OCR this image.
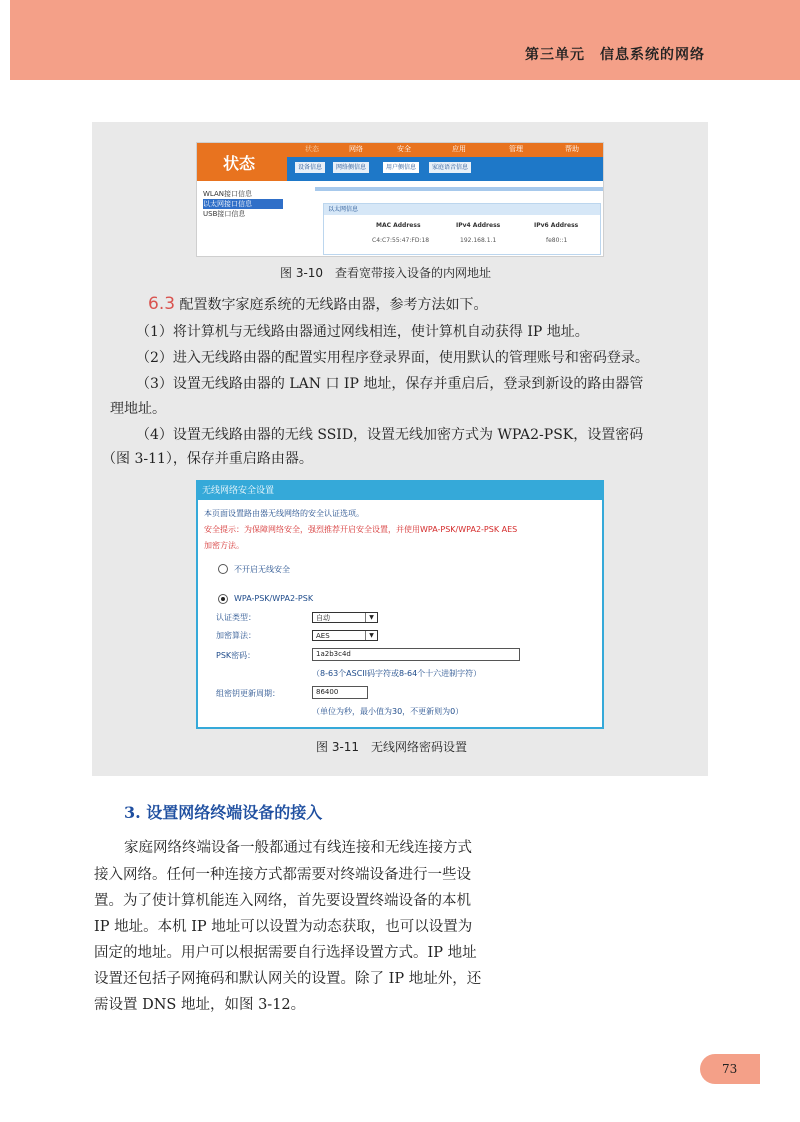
第三单元　信息系统的网络
状态
状态	网络	安全	应用	管理	帮助
设备信息	网络侧信息	用户侧信息	家庭语音信息
WLAN接口信息
以太网接口信息
USB接口信息
以太网信息
MAC Address	IPv4 Address	IPv6 Address
C4:C7:55:47:FD:18	192.168.1.1	fe80::1
图 3-10　查看宽带接入设备的内网地址
6.3 配置数字家庭系统的无线路由器，参考方法如下。
（1）将计算机与无线路由器通过网线相连，使计算机自动获得 IP 地址。
（2）进入无线路由器的配置实用程序登录界面，使用默认的管理账号和密码登录。
（3）设置无线路由器的 LAN 口 IP 地址，保存并重启后，登录到新设的路由器管
理地址。
（4）设置无线路由器的无线 SSID，设置无线加密方式为 WPA2-PSK，设置密码
（图 3-11），保存并重启路由器。
无线网络安全设置
本页面设置路由器无线网络的安全认证选项。
安全提示：为保障网络安全，强烈推荐开启安全设置，并使用WPA-PSK/WPA2-PSK AES
加密方法。
不开启无线安全
WPA-PSK/WPA2-PSK
认证类型：	自动	▼
加密算法：	AES	▼
PSK密码：	1a2b3c4d
（8-63个ASCII码字符或8-64个十六进制字符）
组密钥更新周期：	86400
（单位为秒，最小值为30，不更新则为0）
图 3-11　无线网络密码设置
3. 设置网络终端设备的接入
家庭网络终端设备一般都通过有线连接和无线连接方式
接入网络。任何一种连接方式都需要对终端设备进行一些设
置。为了使计算机能连入网络，首先要设置终端设备的本机
IP 地址。本机 IP 地址可以设置为动态获取，也可以设置为
固定的地址。用户可以根据需要自行选择设置方式。IP 地址
设置还包括子网掩码和默认网关的设置。除了 IP 地址外，还
需设置 DNS 地址，如图 3-12。
73
